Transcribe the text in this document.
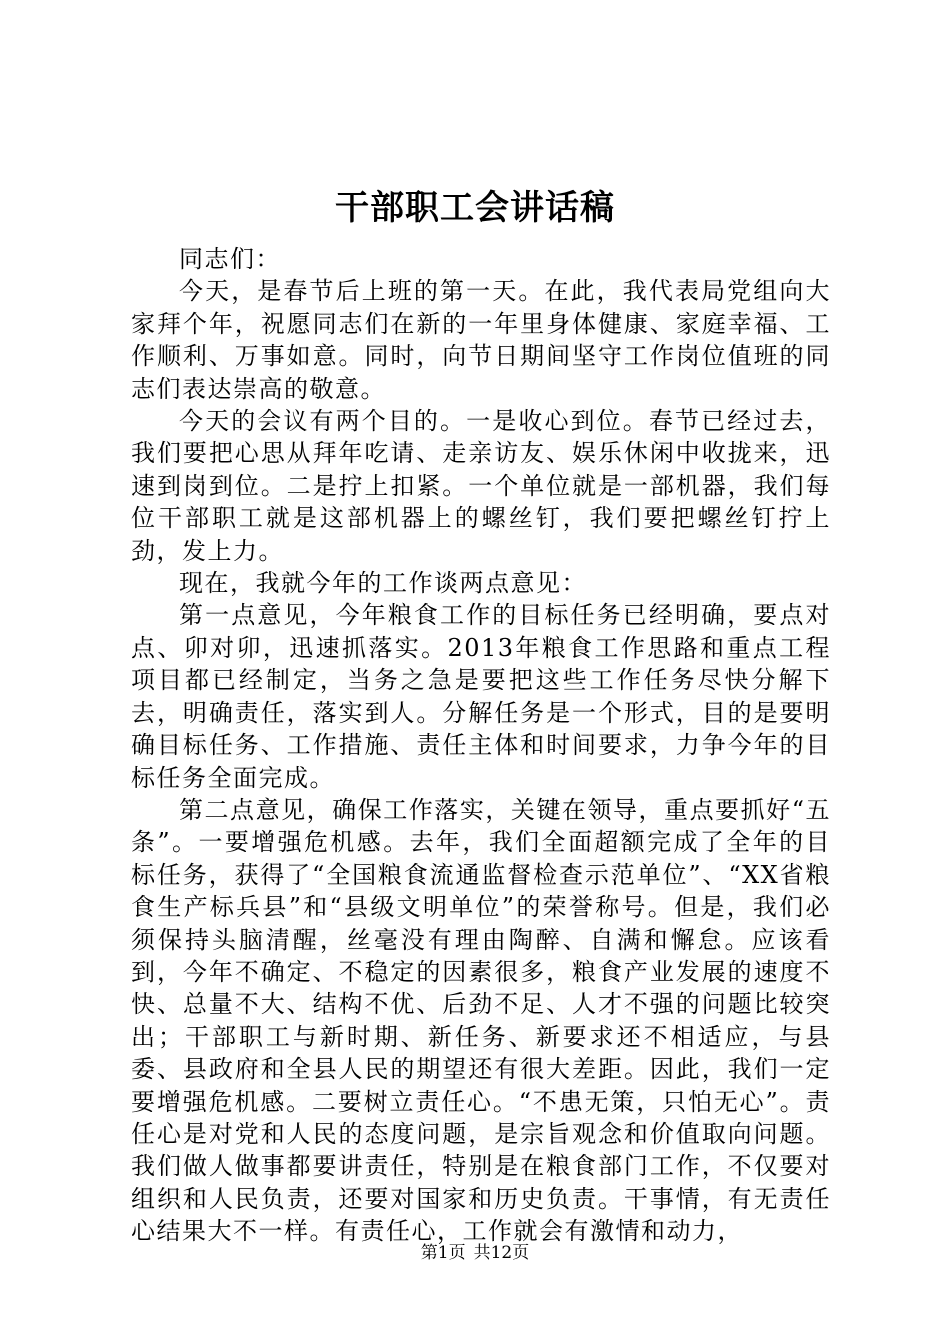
干部职工会讲话稿

同志们：

今天，是春节后上班的第一天。在此，我代表局党组向大家拜个年，祝愿同志们在新的一年里身体健康、家庭幸福、工作顺利、万事如意。同时，向节日期间坚守工作岗位值班的同志们表达崇高的敬意。

今天的会议有两个目的。一是收心到位。春节已经过去，我们要把心思从拜年吃请、走亲访友、娱乐休闲中收拢来，迅速到岗到位。二是拧上扣紧。一个单位就是一部机器，我们每位干部职工就是这部机器上的螺丝钉，我们要把螺丝钉拧上劲，发上力。

现在，我就今年的工作谈两点意见：

第一点意见，今年粮食工作的目标任务已经明确，要点对点、卯对卯，迅速抓落实。2013年粮食工作思路和重点工程项目都已经制定，当务之急是要把这些工作任务尽快分解下去，明确责任，落实到人。分解任务是一个形式，目的是要明确目标任务、工作措施、责任主体和时间要求，力争今年的目标任务全面完成。

第二点意见，确保工作落实，关键在领导，重点要抓好“五条”。一要增强危机感。去年，我们全面超额完成了全年的目标任务，获得了“全国粮食流通监督检查示范单位”、“XX省粮食生产标兵县”和“县级文明单位”的荣誉称号。但是，我们必须保持头脑清醒，丝毫没有理由陶醉、自满和懈怠。应该看到，今年不确定、不稳定的因素很多，粮食产业发展的速度不快、总量不大、结构不优、后劲不足、人才不强的问题比较突出；干部职工与新时期、新任务、新要求还不相适应，与县委、县政府和全县人民的期望还有很大差距。因此，我们一定要增强危机感。二要树立责任心。“不患无策，只怕无心”。责任心是对党和人民的态度问题，是宗旨观念和价值取向问题。我们做人做事都要讲责任，特别是在粮食部门工作，不仅要对组织和人民负责，还要对国家和历史负责。干事情，有无责任心结果大不一样。有责任心，工作就会有激情和动力，

第1页 共12页
